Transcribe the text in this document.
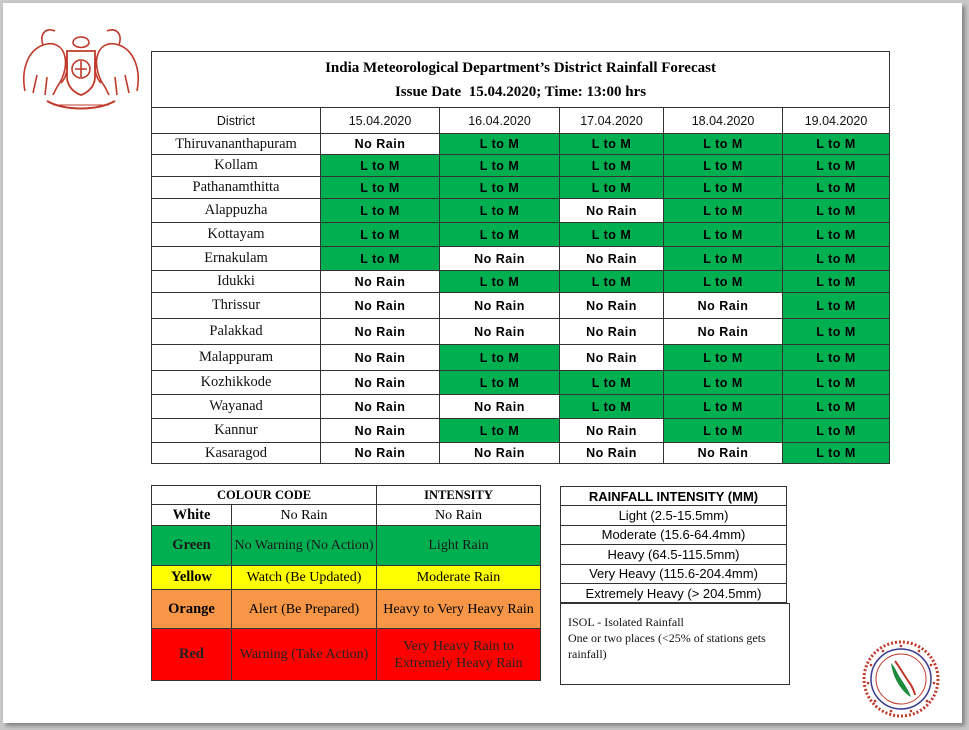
• • •
India Meteorological Department’s District Rainfall Forecast
Issue Date 15.04.2020; Time: 13:00 hrs					

District	15.04.2020	16.04.2020	17.04.2020	18.04.2020	19.04.2020
Thiruvananthapuram	No Rain	L to M	L to M	L to M	L to M
Kollam	L to M	L to M	L to M	L to M	L to M
Pathanamthitta	L to M	L to M	L to M	L to M	L to M
Alappuzha	L to M	L to M	No Rain	L to M	L to M
Kottayam	L to M	L to M	L to M	L to M	L to M
Ernakulam	L to M	No Rain	No Rain	L to M	L to M
Idukki	No Rain	L to M	L to M	L to M	L to M
Thrissur	No Rain	No Rain	No Rain	No Rain	L to M
Palakkad	No Rain	No Rain	No Rain	No Rain	L to M
Malappuram	No Rain	L to M	No Rain	L to M	L to M
Kozhikkode	No Rain	L to M	L to M	L to M	L to M
Wayanad	No Rain	No Rain	L to M	L to M	L to M
Kannur	No Rain	L to M	No Rain	L to M	L to M
Kasaragod	No Rain	No Rain	No Rain	No Rain	L to M
COLOUR CODE		INTENSITY
White	No Rain	No Rain
Green	No Warning (No Action)	Light Rain
Yellow	Watch (Be Updated)	Moderate Rain
Orange	Alert (Be Prepared)	Heavy to Very Heavy Rain
Red	Warning (Take Action)	Very Heavy Rain to Extremely Heavy Rain
RAINFALL INTENSITY (MM)
Light (2.5-15.5mm)
Moderate (15.6-64.4mm)
Heavy (64.5-115.5mm)
Very Heavy (115.6-204.4mm)
Extremely Heavy (> 204.5mm)
ISOL - Isolated Rainfall
One or two places (<25% of stations gets rainfall)
